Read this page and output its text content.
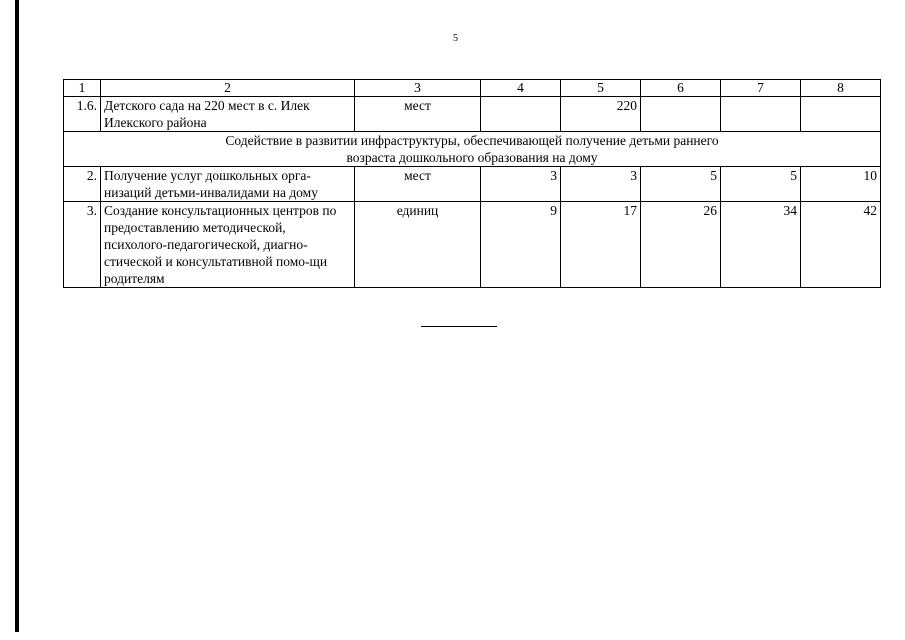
5
1	2	3	4	5	6	7	8
1.6.	Детского сада на 220 мест в с. Илек Илекского района	мест		220			
Содействие в развитии инфраструктуры, обеспечивающей получение детьми раннего возраста дошкольного образования на дому							
2.	Получение услуг дошкольных орга-низаций детьми-инвалидами на дому	мест	3	3	5	5	10
3.	Создание консультационных центров по предоставлению методической, психолого-педагогической, диагно-стической и консультативной помо-щи родителям	единиц	9	17	26	34	42
